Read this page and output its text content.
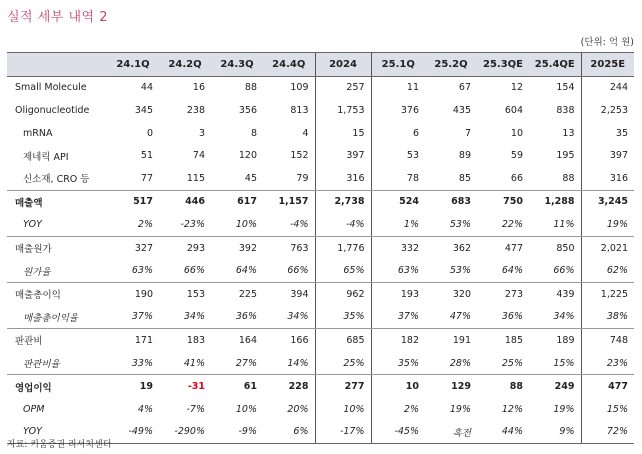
실적 세부 내역 2
(단위: 억 원)
	24.1Q	24.2Q	24.3Q	24.4Q	2024	25.1Q	25.2Q	25.3QE	25.4QE	2025E
Small Molecule	44	16	88	109	257	11	67	12	154	244
Oligonucleotide	345	238	356	813	1,753	376	435	604	838	2,253
mRNA	0	3	8	4	15	6	7	10	13	35
제네릭 API	51	74	120	152	397	53	89	59	195	397
신소재, CRO 등	77	115	45	79	316	78	85	66	88	316
매출액	517	446	617	1,157	2,738	524	683	750	1,288	3,245
YOY	2%	-23%	10%	-4%	-4%	1%	53%	22%	11%	19%
매출원가	327	293	392	763	1,776	332	362	477	850	2,021
원가율	63%	66%	64%	66%	65%	63%	53%	64%	66%	62%
매출총이익	190	153	225	394	962	193	320	273	439	1,225
매출총이익율	37%	34%	36%	34%	35%	37%	47%	36%	34%	38%
판관비	171	183	164	166	685	182	191	185	189	748
판관비율	33%	41%	27%	14%	25%	35%	28%	25%	15%	23%
영업이익	19	-31	61	228	277	10	129	88	249	477
OPM	4%	-7%	10%	20%	10%	2%	19%	12%	19%	15%
YOY	-49%	-290%	-9%	6%	-17%	-45%	흑전	44%	9%	72%
자료: 키움증권 리서치센터
